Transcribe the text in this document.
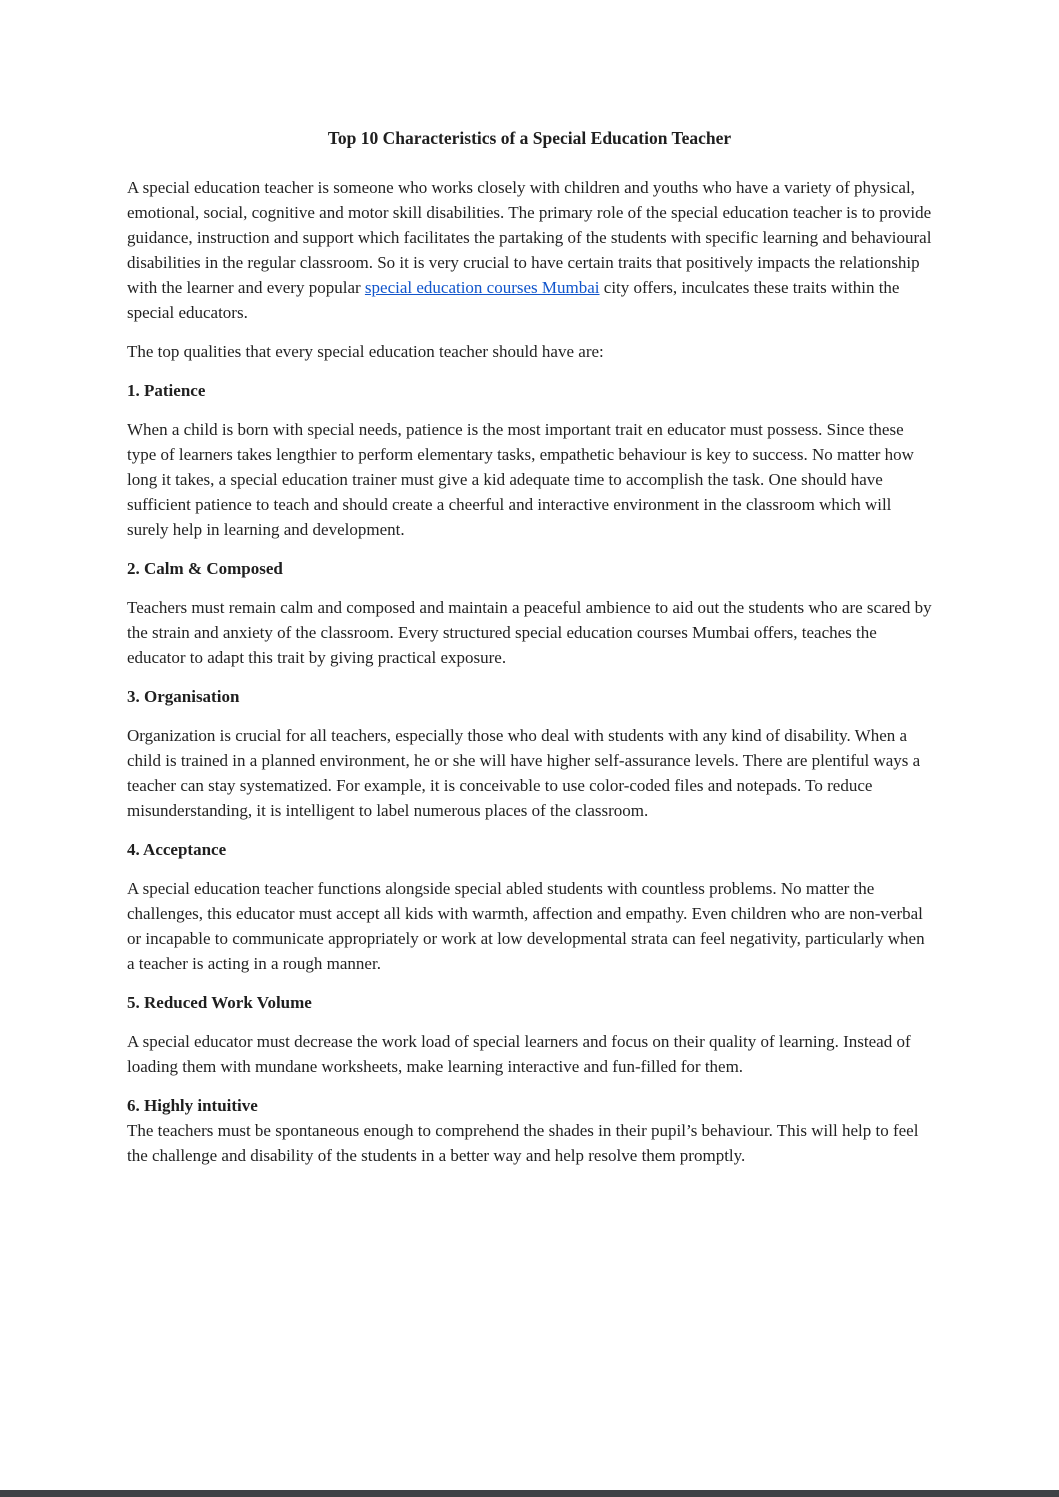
Top 10 Characteristics of a Special Education Teacher

A special education teacher is someone who works closely with children and youths who have a variety of physical, emotional, social, cognitive and motor skill disabilities. The primary role of the special education teacher is to provide guidance, instruction and support which facilitates the partaking of the students with specific learning and behavioural disabilities in the regular classroom. So it is very crucial to have certain traits that positively impacts the relationship with the learner and every popular special education courses Mumbai city offers, inculcates these traits within the special educators.

The top qualities that every special education teacher should have are:

1. Patience

When a child is born with special needs, patience is the most important trait en educator must possess. Since these type of learners takes lengthier to perform elementary tasks, empathetic behaviour is key to success. No matter how long it takes, a special education trainer must give a kid adequate time to accomplish the task. One should have sufficient patience to teach and should create a cheerful and interactive environment in the classroom which will surely help in learning and development.

2. Calm & Composed

Teachers must remain calm and composed and maintain a peaceful ambience to aid out the students who are scared by the strain and anxiety of the classroom. Every structured special education courses Mumbai offers, teaches the educator to adapt this trait by giving practical exposure.

3. Organisation

Organization is crucial for all teachers, especially those who deal with students with any kind of disability. When a child is trained in a planned environment, he or she will have higher self-assurance levels. There are plentiful ways a teacher can stay systematized. For example, it is conceivable to use color-coded files and notepads. To reduce misunderstanding, it is intelligent to label numerous places of the classroom.

4. Acceptance

A special education teacher functions alongside special abled students with countless problems. No matter the challenges, this educator must accept all kids with warmth, affection and empathy. Even children who are non-verbal or incapable to communicate appropriately or work at low developmental strata can feel negativity, particularly when a teacher is acting in a rough manner.

5. Reduced Work Volume

A special educator must decrease the work load of special learners and focus on their quality of learning. Instead of loading them with mundane worksheets, make learning interactive and fun-filled for them.

6. Highly intuitive

The teachers must be spontaneous enough to comprehend the shades in their pupil’s behaviour. This will help to feel the challenge and disability of the students in a better way and help resolve them promptly.
